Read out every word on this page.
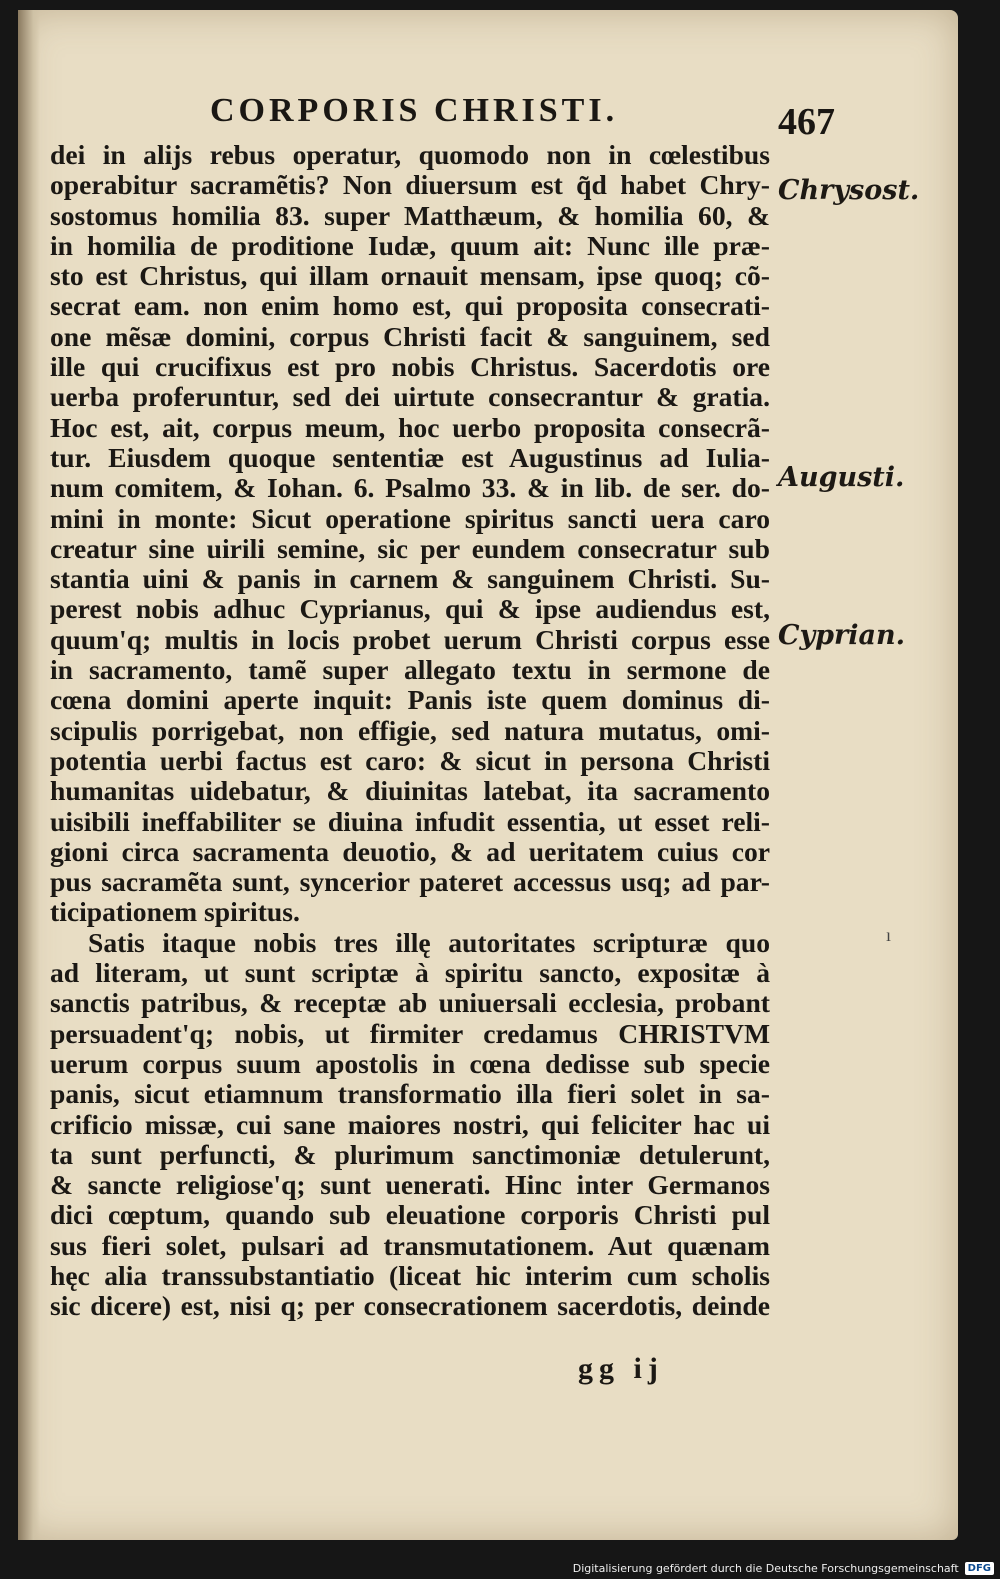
CORPORIS CHRISTI.	467
dei in alijs rebus operatur, quomodo non in cœlestibus
operabitur sacramẽtis? Non diuersum est q̃d habet Chry-
sostomus homilia 83. super Matthæum, & homilia 60, &
in homilia de proditione Iudæ, quum ait: Nunc ille præ-
sto est Christus, qui illam ornauit mensam, ipse quoq; cõ-
secrat eam. non enim homo est, qui proposita consecrati-
one mẽsæ domini, corpus Christi facit & sanguinem, sed
ille qui crucifixus est pro nobis Christus. Sacerdotis ore
uerba proferuntur, sed dei uirtute consecrantur & gratia.
Hoc est, ait, corpus meum, hoc uerbo proposita consecrã-
tur. Eiusdem quoque sententiæ est Augustinus ad Iulia-
num comitem, & Iohan. 6. Psalmo 33. & in lib. de ser. do-
mini in monte: Sicut operatione spiritus sancti uera caro
creatur sine uirili semine, sic per eundem consecratur sub
stantia uini & panis in carnem & sanguinem Christi. Su-
perest nobis adhuc Cyprianus, qui & ipse audiendus est,
quum'q; multis in locis probet uerum Christi corpus esse
in sacramento, tamẽ super allegato textu in sermone de
cœna domini aperte inquit: Panis iste quem dominus di-
scipulis porrigebat, non effigie, sed natura mutatus, omi-
potentia uerbi factus est caro: & sicut in persona Christi
humanitas uidebatur, & diuinitas latebat, ita sacramento
uisibili ineffabiliter se diuina infudit essentia, ut esset reli-
gioni circa sacramenta deuotio, & ad ueritatem cuius cor
pus sacramẽta sunt, syncerior pateret accessus usq; ad par-
ticipationem spiritus.
Satis itaque nobis tres illę autoritates scripturæ quo
ad literam, ut sunt scriptæ à spiritu sancto, expositæ à
sanctis patribus, & receptæ ab uniuersali ecclesia, probant
persuadent'q; nobis, ut firmiter credamus CHRISTVM
uerum corpus suum apostolis in cœna dedisse sub specie
panis, sicut etiamnum transformatio illa fieri solet in sa-
crificio missæ, cui sane maiores nostri, qui feliciter hac ui
ta sunt perfuncti, & plurimum sanctimoniæ detulerunt,
& sancte religiose'q; sunt uenerati. Hinc inter Germanos
dici cœptum, quando sub eleuatione corporis Christi pul
sus fieri solet, pulsari ad transmutationem. Aut quænam
hęc alia transsubstantiatio (liceat hic interim cum scholis
sic dicere) est, nisi q; per consecrationem sacerdotis, deinde
Chrysost.
Augusti.
Cyprian.
ı
gg ij
Digitalisierung gefördert durch die Deutsche Forschungsgemeinschaft DFG
